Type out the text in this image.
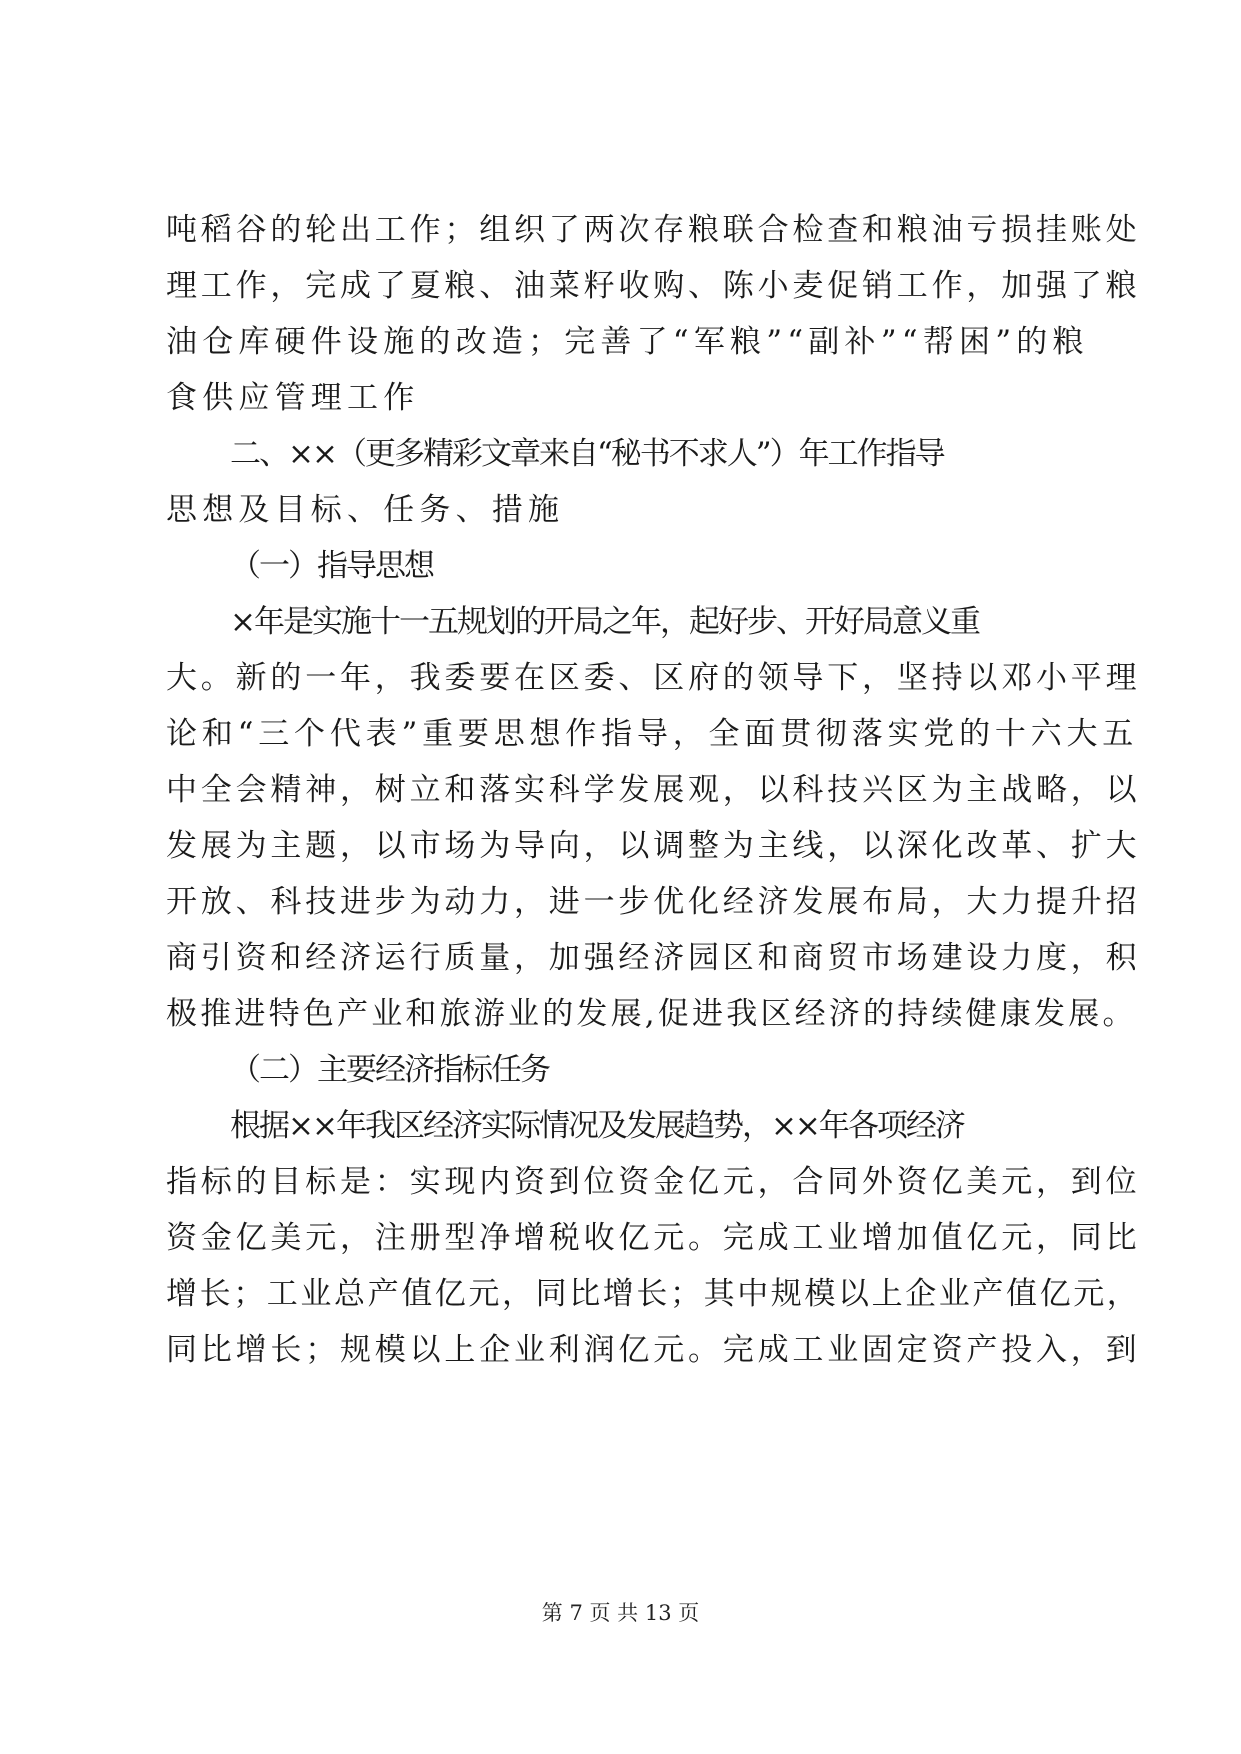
吨稻谷的轮出工作；组织了两次存粮联合检查和粮油亏损挂账处
理工作，完成了夏粮、油菜籽收购、陈小麦促销工作，加强了粮
油仓库硬件设施的改造；完善了“军粮”“副补”“帮困”的粮
食供应管理工作
二、××（更多精彩文章来自“秘书不求人”）年工作指导
思想及目标、任务、措施
（一）指导思想
×年是实施十一五规划的开局之年，起好步、开好局意义重
大。新的一年，我委要在区委、区府的领导下，坚持以邓小平理
论和“三个代表”重要思想作指导，全面贯彻落实党的十六大五
中全会精神，树立和落实科学发展观，以科技兴区为主战略，以
发展为主题，以市场为导向，以调整为主线，以深化改革、扩大
开放、科技进步为动力，进一步优化经济发展布局，大力提升招
商引资和经济运行质量，加强经济园区和商贸市场建设力度，积
极推进特色产业和旅游业的发展,促进我区经济的持续健康发展。
（二）主要经济指标任务
根据××年我区经济实际情况及发展趋势，××年各项经济
指标的目标是：实现内资到位资金亿元，合同外资亿美元，到位
资金亿美元，注册型净增税收亿元。完成工业增加值亿元，同比
增长；工业总产值亿元，同比增长；其中规模以上企业产值亿元，
同比增长；规模以上企业利润亿元。完成工业固定资产投入，到
第 7 页 共 13 页
